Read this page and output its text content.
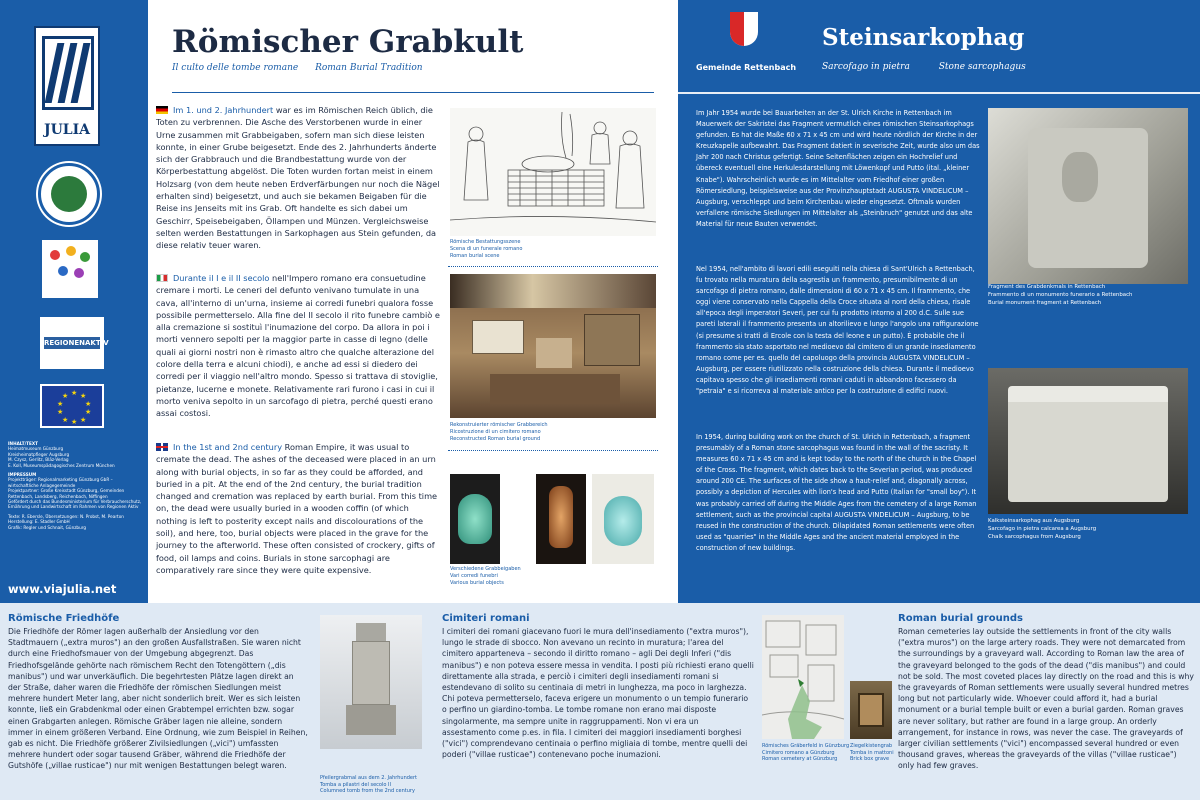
JULIA
REGIONENAKTIV
★ ★
★
★
★
★
★
★
★
★

INHALT/TEXT
Heimatmuseum Günzburg
Kreisheimatpfleger Augsburg
M. Czysz, Gerlitz, Bläz-Verlag
E. Koll, Museumspädagogisches Zentrum München

IMPRESSUM
Projektträger: Regionalmarketing Günzburg GbR – wirtschaftliche Anlagegemeinde
Projektpartner: Große Kreisstadt Günzburg, Gemeinden Rettenbach, Landsberg, Reichenbach, Niffingen
Gefördert durch das Bundesministerium für Verbraucherschutz, Ernährung und Landwirtschaft im Rahmen von Regionen Aktiv

Texte: R. Ebersle, Übersetzungen: N. Probst, M. Pearton
Herstellung: E. Stadler GmbH
Grafik: Regler und Schnait, Günzburg

www.viajulia.net
Römischer Grabkult
Il culto delle tombe romane Roman Burial Tradition
Im 1. und 2. Jahrhundert war es im Römischen Reich üblich, die Toten zu verbrennen. Die Asche des Verstorbenen wurde in einer Urne zusammen mit Grabbeigaben, sofern man sich diese leisten konnte, in einer Grube beigesetzt. Ende des 2. Jahrhunderts änderte sich der Grabbrauch und die Brandbestattung wurde von der Körperbestattung abgelöst. Die Toten wurden fortan meist in einem Holzsarg (von dem heute neben Erdverfärbungen nur noch die Nägel erhalten sind) beigesetzt, und auch sie bekamen Beigaben für die Reise ins Jenseits mit ins Grab. Oft handelte es sich dabei um Geschirr, Speisebeigaben, Öllampen und Münzen. Vergleichsweise selten werden Bestattungen in Sarkophagen aus Stein gefunden, da diese relativ teuer waren.
Durante il I e il II secolo nell'Impero romano era consuetudine cremare i morti. Le ceneri del defunto venivano tumulate in una cava, all'interno di un'urna, insieme ai corredi funebri qualora fosse possibile permetterselo. Alla fine del II secolo il rito funebre cambiò e alla cremazione si sostituì l'inumazione del corpo. Da allora in poi i morti vennero sepolti per la maggior parte in casse di legno (delle quali ai giorni nostri non è rimasto altro che qualche alterazione del colore della terra e alcuni chiodi), e anche ad essi si diedero dei corredi per il viaggio nell'altro mondo. Spesso si trattava di stoviglie, pietanze, lucerne e monete. Relativamente rari furono i casi in cui il morto veniva sepolto in un sarcofago di pietra, perché questi erano assai costosi.
In the 1st and 2nd century Roman Empire, it was usual to cremate the dead. The ashes of the deceased were placed in an urn along with burial objects, in so far as they could be afforded, and buried in a pit. At the end of the 2nd century, the burial tradition changed and cremation was replaced by earth burial. From this time on, the dead were usually buried in a wooden coffin (of which nothing is left to posterity except nails and discolourations of the soil), and here, too, burial objects were placed in the grave for the journey to the afterworld. These often consisted of crockery, gifts of food, oil lamps and coins. Burials in stone sarcophagi are comparatively rare since they were quite expensive.
Römische Bestattungsszene
Scena di un funerale romano
Roman burial scene
Rekonstruierter römischer Grabbereich
Ricostruzione di un cimitero romano
Reconstructed Roman burial ground
Verschiedene Grabbeigaben
Vari corredi funebri
Various burial objects
Gemeinde Rettenbach
Steinsarkophag
Sarcofago in pietra	Stone sarcophagus
Im Jahr 1954 wurde bei Bauarbeiten an der St. Ulrich Kirche in Rettenbach im Mauerwerk der Sakristei das Fragment vermutlich eines römischen Steinsarkophags gefunden. Es hat die Maße 60 x 71 x 45 cm und wird heute nördlich der Kirche in der Kreuzkapelle aufbewahrt. Das Fragment datiert in severische Zeit, wurde also um das Jahr 200 nach Christus gefertigt. Seine Seitenflächen zeigen ein Hochrelief und übereck eventuell eine Herkulesdarstellung mit Löwenkopf und Putto (ital. „kleiner Knabe"). Wahrscheinlich wurde es im Mittelalter vom Friedhof einer großen Römersiedlung, beispielsweise aus der Provinzhauptstadt AUGUSTA VINDELICUM – Augsburg, verschleppt und beim Kirchenbau wieder eingesetzt. Oftmals wurden verfallene römische Siedlungen im Mittelalter als „Steinbruch" genutzt und das alte Material für neue Bauten verwendet.
Nel 1954, nell'ambito di lavori edili eseguiti nella chiesa di Sant'Ulrich a Rettenbach, fu trovato nella muratura della sagrestia un frammento, presumibilmente di un sarcofago di pietra romano, dalle dimensioni di 60 x 71 x 45 cm. Il frammento, che oggi viene conservato nella Cappella della Croce situata al nord della chiesa, risale all'epoca degli imperatori Severi, per cui fu prodotto intorno al 200 d.C. Sulle sue pareti laterali il frammento presenta un altorilievo e lungo l'angolo una raffigurazione (si presume si trattì di Ercole con la testa del leone e un putto). È probabile che il frammento sia stato asportato nel medioevo dal cimitero di un grande insediamento romano come per es. quello del capoluogo della provincia AUGUSTA VINDELICUM – Augsburg, per essere riutilizzato nella costruzione della chiesa. Durante il medioevo capitava spesso che gli insediamenti romani caduti in abbandono facessero da "petraia" e si ricorreva al materiale antico per la costruzione di edifici nuovi.
In 1954, during building work on the church of St. Ulrich in Rettenbach, a fragment presumably of a Roman stone sarcophagus was found in the wall of the sacristy. It measures 60 x 71 x 45 cm and is kept today to the north of the church in the Chapel of the Cross. The fragment, which dates back to the Severian period, was produced around 200 CE. The surfaces of the side show a haut-relief and, diagonally across, possibly a depiction of Hercules with lion's head and Putto (Italian for "small boy"). It was probably carried off during the Middle Ages from the cemetery of a large Roman settlement, such as the provincial capital AUGUSTA VINDELICUM – Augsburg, to be reused in the construction of the church. Dilapidated Roman settlements were often used as "quarries" in the Middle Ages and the ancient material employed in the construction of new buildings.
Fragment des Grabdenkmals in Rettenbach
Frammento di un monumento funerario a Rettenbach
Burial monument fragment at Rettenbach
Kalksteinsarkophag aus Augsburg
Sarcofago in pietra calcarea a Augsburg
Chalk sarcophagus from Augsburg
Römische Friedhöfe
Die Friedhöfe der Römer lagen außerhalb der Ansiedlung vor den Stadtmauern („extra muros") an den großen Ausfallstraßen. Sie waren nicht durch eine Friedhofsmauer von der Umgebung abgegrenzt. Das Friedhofsgelände gehörte nach römischem Recht den Totengöttern („dis manibus") und war unverkäuflich. Die begehrtesten Plätze lagen direkt an der Straße, daher waren die Friedhöfe der römischen Siedlungen meist mehrere hundert Meter lang, aber nicht sonderlich breit. Wer es sich leisten konnte, ließ ein Grabdenkmal oder einen Grabtempel errichten bzw. sogar einen Grabgarten anlegen. Römische Gräber lagen nie alleine, sondern immer in einem größeren Verband. Eine Ordnung, wie zum Beispiel in Reihen, gab es nicht. Die Friedhöfe größerer Zivilsiedlungen („vici") umfassten mehrere hundert oder sogar tausend Gräber, während die Friedhöfe der Gutshöfe („villae rusticae") nur mit wenigen Bestattungen belegt waren.
Pfeilergrabmal aus dem 2. Jahrhundert
Tomba a pilastri del secolo II
Columned tomb from the 2nd century
Cimiteri romani
I cimiteri dei romani giacevano fuori le mura dell'insediamento ("extra muros"), lungo le strade di sbocco. Non avevano un recinto in muratura; l'area del cimitero apparteneva – secondo il diritto romano – agli Dei degli Inferi ("dis manibus") e non poteva essere messa in vendita. I posti più richiesti erano quelli direttamente alla strada, e perciò i cimiteri degli insediamenti romani si estendevano di solito su centinaia di metri in lunghezza, ma poco in larghezza. Chi poteva permetterselo, faceva erigere un monumento o un tempio funerario o perfino un giardino-tomba. Le tombe romane non erano mai disposte singolarmente, ma sempre unite in raggruppamenti. Non vi era un assestamento come p.es. in fila. I cimiteri dei maggiori insediamenti borghesi ("vici") comprendevano centinaia o perfino migliaia di tombe, mentre quelli dei poderi ("villae rusticae") contenevano poche inumazioni.
Römisches Gräberfeld in Günzburg
Cimitero romano a Günzburg
Roman cemetery at Günzburg
Ziegelkistengrab
Tomba in mattoni
Brick box grave
Roman burial grounds
Roman cemeteries lay outside the settlements in front of the city walls ("extra muros") on the large artery roads. They were not demarcated from the surroundings by a graveyard wall. According to Roman law the area of the graveyard belonged to the gods of the dead ("dis manibus") and could not be sold. The most coveted places lay directly on the road and this is why the graveyards of Roman settlements were usually several hundred metres long but not particularly wide. Whoever could afford it, had a burial monument or a burial temple built or even a burial garden. Roman graves are never solitary, but rather are found in a large group. An orderly arrangement, for instance in rows, was never the case. The graveyards of larger civilian settlements ("vici") encompassed several hundred or even thousand graves, whereas the graveyards of the villas ("villae rusticae") only had few graves.
